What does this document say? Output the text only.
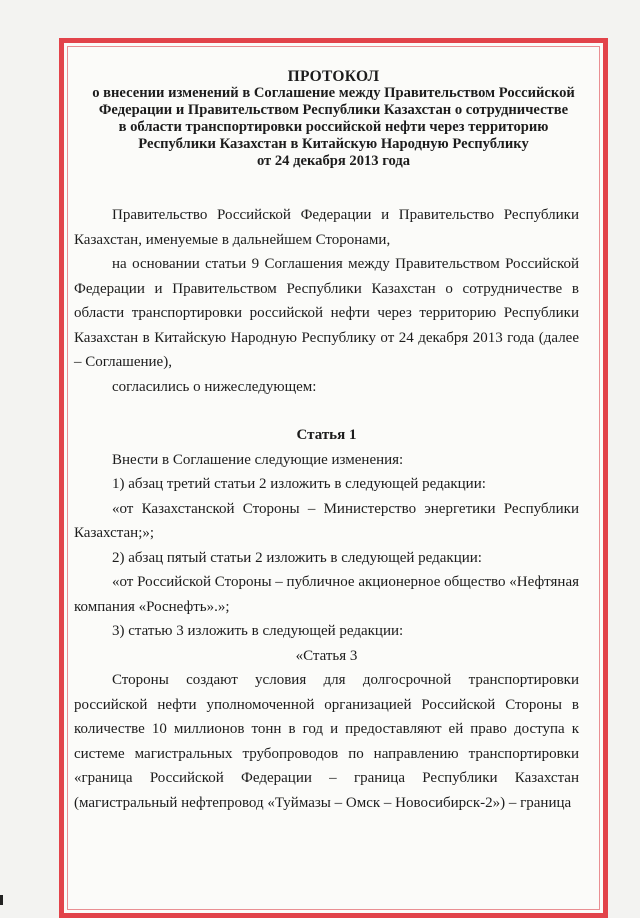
ПРОТОКОЛ
о внесении изменений в Соглашение между Правительством Российской
Федерации и Правительством Республики Казахстан о сотрудничестве
в области транспортировки российской нефти через территорию
Республики Казахстан в Китайскую Народную Республику
от 24 декабря 2013 года

Правительство Российской Федерации и Правительство Республики Казахстан, именуемые в дальнейшем Сторонами,

на основании статьи 9 Соглашения между Правительством Российской Федерации и Правительством Республики Казахстан о сотрудничестве в области транспортировки российской нефти через территорию Республики Казахстан в Китайскую Народную Республику от 24 декабря 2013 года (далее – Соглашение),

согласились о нижеследующем:

Статья 1

Внести в Соглашение следующие изменения:

1) абзац третий статьи 2 изложить в следующей редакции:

«от Казахстанской Стороны – Министерство энергетики Республики Казахстан;»;

2) абзац пятый статьи 2 изложить в следующей редакции:

«от Российской Стороны – публичное акционерное общество «Нефтяная компания «Роснефть».»;

3) статью 3 изложить в следующей редакции:

«Статья 3

Стороны создают условия для долгосрочной транспортировки российской нефти уполномоченной организацией Российской Стороны в количестве 10 миллионов тонн в год и предоставляют ей право доступа к системе магистральных трубопроводов по направлению транспортировки «граница Российской Федерации – граница Республики Казахстан (магистральный нефтепровод «Туймазы – Омск – Новосибирск-2») – граница
